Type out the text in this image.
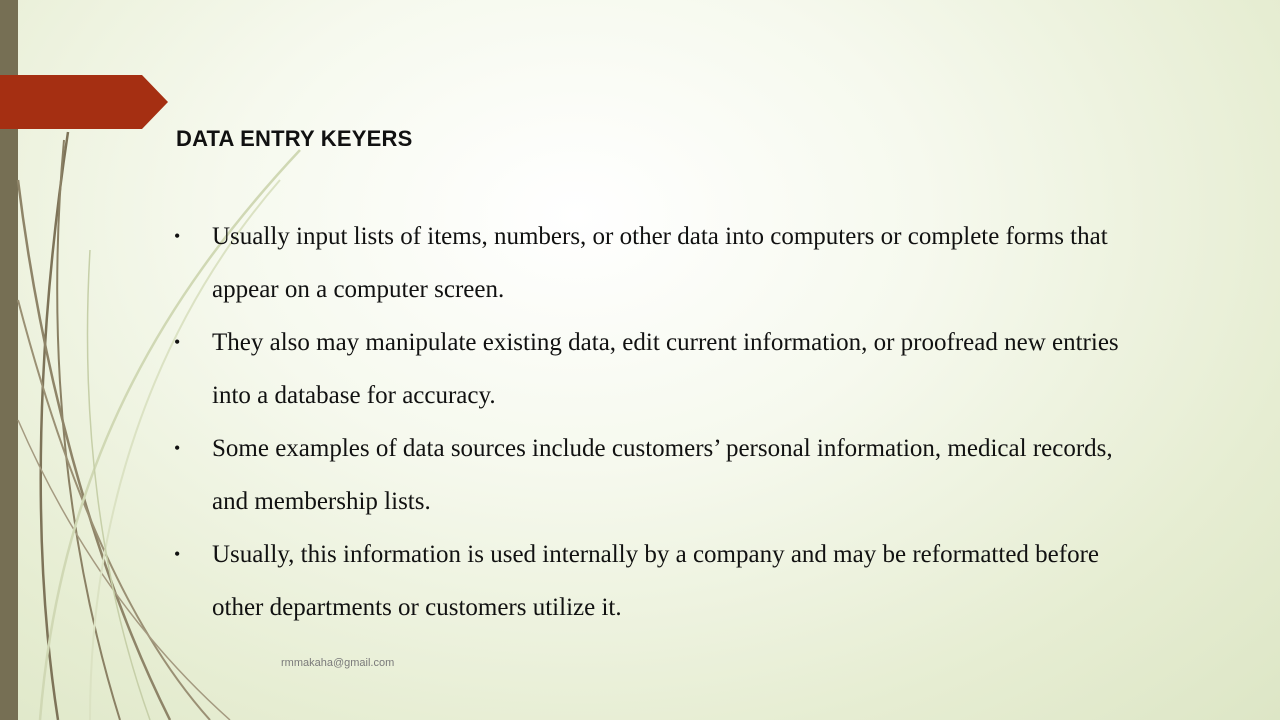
DATA ENTRY KEYERS
• Usually input lists of items, numbers, or other data into computers or complete forms that appear on a computer screen.
• They also may manipulate existing data, edit current information, or proofread new entries into a database for accuracy.
• Some examples of data sources include customers’ personal information, medical records, and membership lists.
• Usually, this information is used internally by a company and may be reformatted before other departments or customers utilize it.
rmmakaha@gmail.com
